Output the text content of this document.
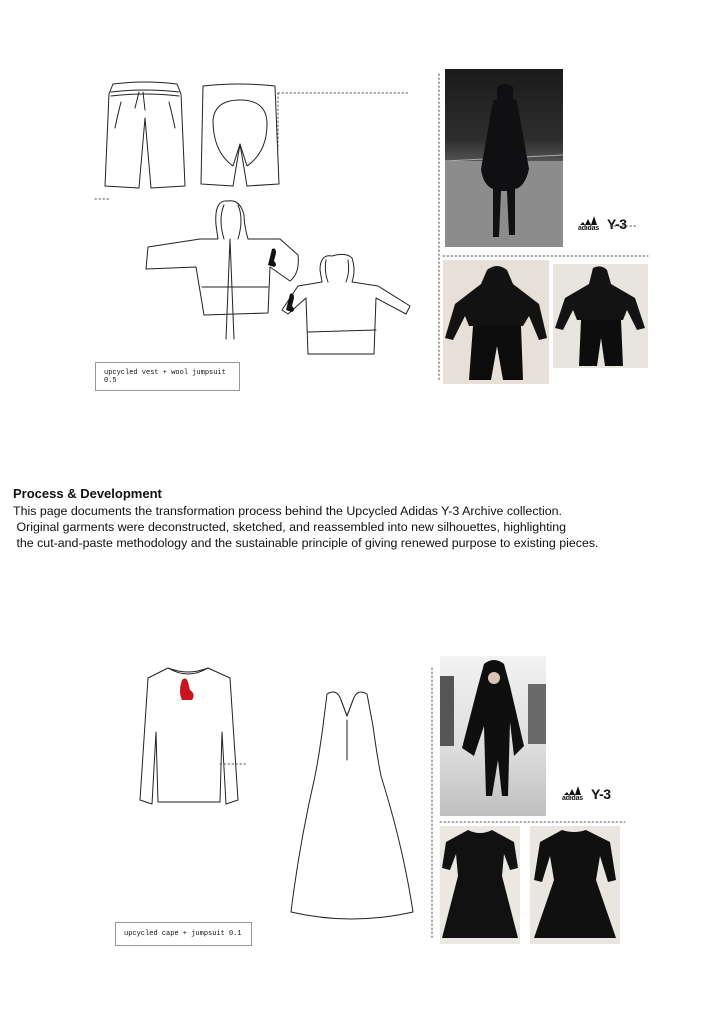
upcycled vest + wool jumpsuit 0.5
adidas Y-3
Process & Development
This page documents the transformation process behind the Upcycled Adidas Y-3 Archive collection.
Original garments were deconstructed, sketched, and reassembled into new silhouettes, highlighting
the cut-and-paste methodology and the sustainable principle of giving renewed purpose to existing pieces.
upcycled cape + jumpsuit 0.1
adidas Y-3
